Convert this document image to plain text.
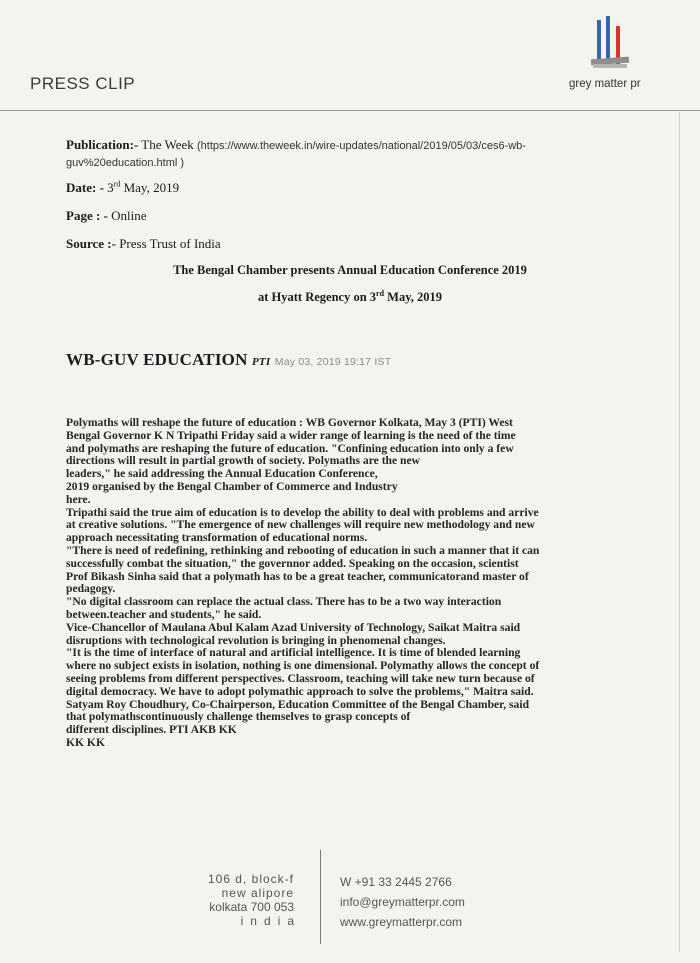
PRESS CLIP	grey matter pr
Publication:- The Week (https://www.theweek.in/wire-updates/national/2019/05/03/ces6-wb-
guv%20education.html )
Date: - 3rd May, 2019
Page : - Online
Source :- Press Trust of India
The Bengal Chamber presents Annual Education Conference 2019
at Hyatt Regency on 3rd May, 2019
WB-GUV EDUCATION PTI May 03, 2019 19:17 IST

Polymaths will reshape the future of education : WB Governor Kolkata, May 3 (PTI) West

Bengal Governor K N Tripathi Friday said a wider range of learning is the need of the time

and polymaths are reshaping the future of education. "Confining education into only a few

directions will result in partial growth of society. Polymaths are the new

leaders," he said addressing the Annual Education Conference,

2019 organised by the Bengal Chamber of Commerce and Industry

here.

Tripathi said the true aim of education is to develop the ability to deal with problems and arrive

at creative solutions. "The emergence of new challenges will require new methodology and new

approach necessitating transformation of educational norms.

"There is need of redefining, rethinking and rebooting of education in such a manner that it can

successfully combat the situation," the governnor added. Speaking on the occasion, scientist

Prof Bikash Sinha said that a polymath has to be a great teacher, communicatorand master of

pedagogy.

"No digital classroom can replace the actual class. There has to be a two way interaction

between.teacher and students," he said.

Vice-Chancellor of Maulana Abul Kalam Azad University of Technology, Saikat Maitra said

disruptions with technological revolution is bringing in phenomenal changes.

"It is the time of interface of natural and artificial intelligence. It is time of blended learning

where no subject exists in isolation, nothing is one dimensional. Polymathy allows the concept of

seeing problems from different perspectives. Classroom, teaching will take new turn because of

digital democracy. We have to adopt polymathic approach to solve the problems," Maitra said.

Satyam Roy Choudhury, Co-Chairperson, Education Committee of the Bengal Chamber, said

that polymathscontinuously challenge themselves to grasp concepts of

different disciplines. PTI AKB KK

KK KK

106 d, block-f
new alipore
kolkata 700 053
india
W +91 33 2445 2766
info@greymatterpr.com
www.greymatterpr.com
